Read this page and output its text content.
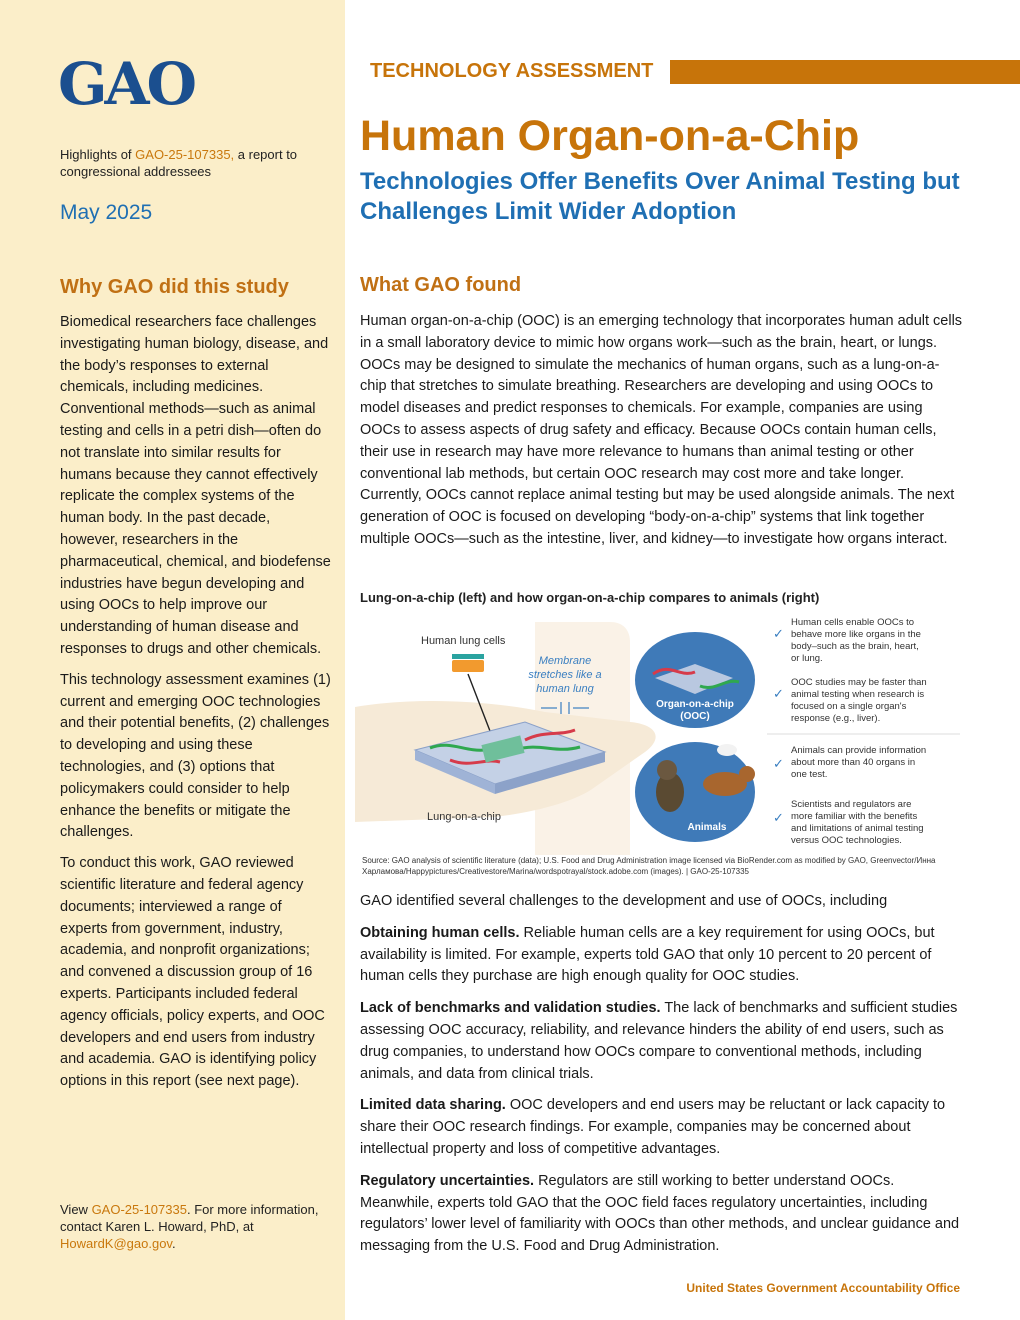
GAO
Highlights of GAO-25-107335, a report to congressional addressees
May 2025
Why GAO did this study

Biomedical researchers face challenges investigating human biology, disease, and the body’s responses to external chemicals, including medicines. Conventional methods—such as animal testing and cells in a petri dish—often do not translate into similar results for humans because they cannot effectively replicate the complex systems of the human body. In the past decade, however, researchers in the pharmaceutical, chemical, and biodefense industries have begun developing and using OOCs to help improve our understanding of human disease and responses to drugs and other chemicals.

This technology assessment examines (1) current and emerging OOC technologies and their potential benefits, (2) challenges to developing and using these technologies, and (3) options that policymakers could consider to help enhance the benefits or mitigate the challenges.

To conduct this work, GAO reviewed scientific literature and federal agency documents; interviewed a range of experts from government, industry, academia, and nonprofit organizations; and convened a discussion group of 16 experts. Participants included federal agency officials, policy experts, and OOC developers and end users from industry and academia. GAO is identifying policy options in this report (see next page).

View GAO-25-107335. For more information, contact Karen L. Howard, PhD, at HowardK@gao.gov.
TECHNOLOGY ASSESSMENT
Human Organ-on-a-Chip
Technologies Offer Benefits Over Animal Testing but Challenges Limit Wider Adoption
What GAO found
Human organ-on-a-chip (OOC) is an emerging technology that incorporates human adult cells in a small laboratory device to mimic how organs work—such as the brain, heart, or lungs. OOCs may be designed to simulate the mechanics of human organs, such as a lung-on-a-chip that stretches to simulate breathing. Researchers are developing and using OOCs to model diseases and predict responses to chemicals. For example, companies are using OOCs to assess aspects of drug safety and efficacy. Because OOCs contain human cells, their use in research may have more relevance to humans than animal testing or other conventional lab methods, but certain OOC research may cost more and take longer. Currently, OOCs cannot replace animal testing but may be used alongside animals. The next generation of OOC is focused on developing “body-on-a-chip” systems that link together multiple OOCs—such as the intestine, liver, and kidney—to investigate how organs interact.
Lung-on-a-chip (left) and how organ-on-a-chip compares to animals (right)
Human lung cells
Membrane
stretches like a
human lung
Lung-on-a-chip
Organ-on-a-chip
(OOC)
Animals
✓
Human cells enable OOCs to
behave more like organs in the
body–such as the brain, heart,
or lung.
✓
OOC studies may be faster than
animal testing when research is
focused on a single organ's
response (e.g., liver).
✓
Animals can provide information
about more than 40 organs in
one test.
✓
Scientists and regulators are
more familiar with the benefits
and limitations of animal testing
versus OOC technologies.
Source: GAO analysis of scientific literature (data); U.S. Food and Drug Administration image licensed via BioRender.com as modified by GAO, Greenvector/Инна Харламова/Happypictures/Creativestore/Marina/wordspotrayal/stock.adobe.com (images). | GAO-25-107335

GAO identified several challenges to the development and use of OOCs, including

Obtaining human cells. Reliable human cells are a key requirement for using OOCs, but availability is limited. For example, experts told GAO that only 10 percent to 20 percent of human cells they purchase are high enough quality for OOC studies.

Lack of benchmarks and validation studies. The lack of benchmarks and sufficient studies assessing OOC accuracy, reliability, and relevance hinders the ability of end users, such as drug companies, to understand how OOCs compare to conventional methods, including animals, and data from clinical trials.

Limited data sharing. OOC developers and end users may be reluctant or lack capacity to share their OOC research findings. For example, companies may be concerned about intellectual property and loss of competitive advantages.

Regulatory uncertainties. Regulators are still working to better understand OOCs. Meanwhile, experts told GAO that the OOC field faces regulatory uncertainties, including regulators’ lower level of familiarity with OOCs than other methods, and unclear guidance and messaging from the U.S. Food and Drug Administration.

United States Government Accountability Office
